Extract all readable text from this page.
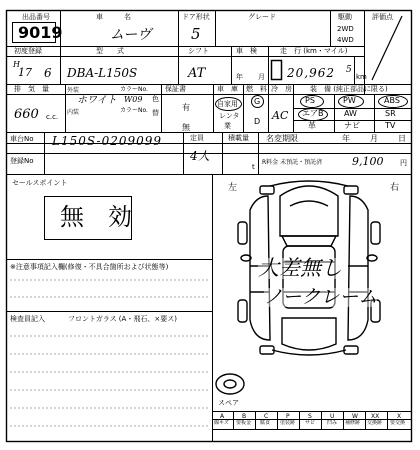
出品番号
9019
車　　　名
ムーヴ
ドア形状
5
グレード	駆動
2WD
4WD
評価点
初度登録	型　　式	シフト	車　検	走　行 (km・マイル)
H
17 6 DBA-L150S	AT	年 月 20,962 5
km
排　気　量	外装
内装
カラーNo.
カラーNo.
色
替
保証書	車　庫 燃　料 冷　房	装　備 (純正部品に限る)
660 c.c.
ホワイト W09
有
無
自家用
レンタ
業
G
D AC
PS	PW	ABS
エアB	AW	SR
革	ナビ	TV
車台No L150S-0209099	定員
4人
積載量
t
名変期限	年	月	日
登録No	R料金 未預託・預託済	9,100 円
セールスポイント
無　効
※注意事項記入欄(修復・不具合箇所および状態等)
検査員記入	フロントガラス (A・飛石、×要ス)
左	右
大差無し
ノークレーム
スペア
A	B	C	P	S	U	W XX	X
線キズ 要板金 腐食 塗装跡 サビ 凹み 補修跡 交換跡 要交換
